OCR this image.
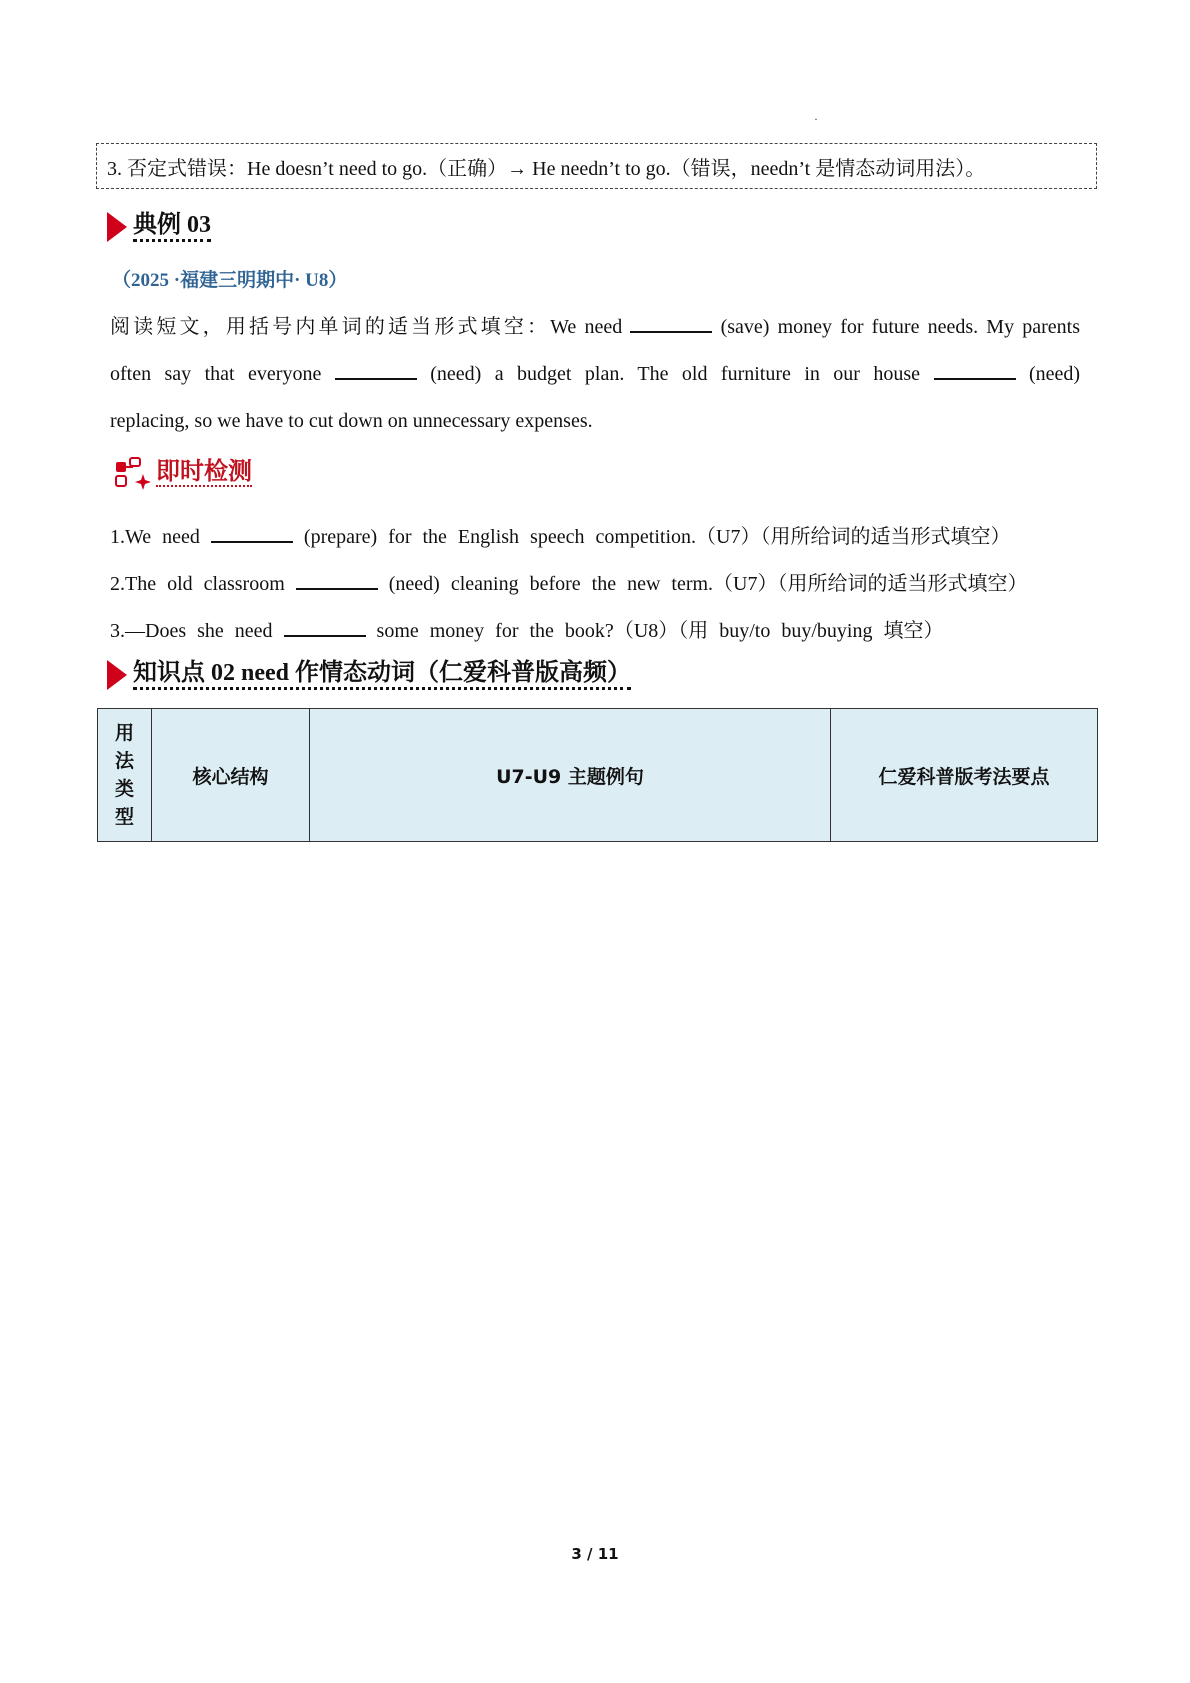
·
3. 否定式错误：He doesn’t need to go.（正确）→ He needn’t to go.（错误，needn’t 是情态动词用法）。
典例 03
（2025 ·福建三明期中· U8）
阅读短文，用括号内单词的适当形式填空：We need	(save) money for future needs. My parents
often say that everyone	(need) a budget plan. The old furniture in our house	(need)
replacing, so we have to cut down on unnecessary expenses.
即时检测
1.We need	(prepare) for the English speech competition.（U7）（用所给词的适当形式填空）
2.The old classroom	(need) cleaning before the new term.（U7）（用所给词的适当形式填空）
3.—Does she need	some money for the book?（U8）（用 buy/to buy/buying 填空）
知识点 02 need 作情态动词（仁爱科普版高频）
用
法
类
型
	核心结构	U7-U9 主题例句	仁爱科普版考法要点
3 / 11
